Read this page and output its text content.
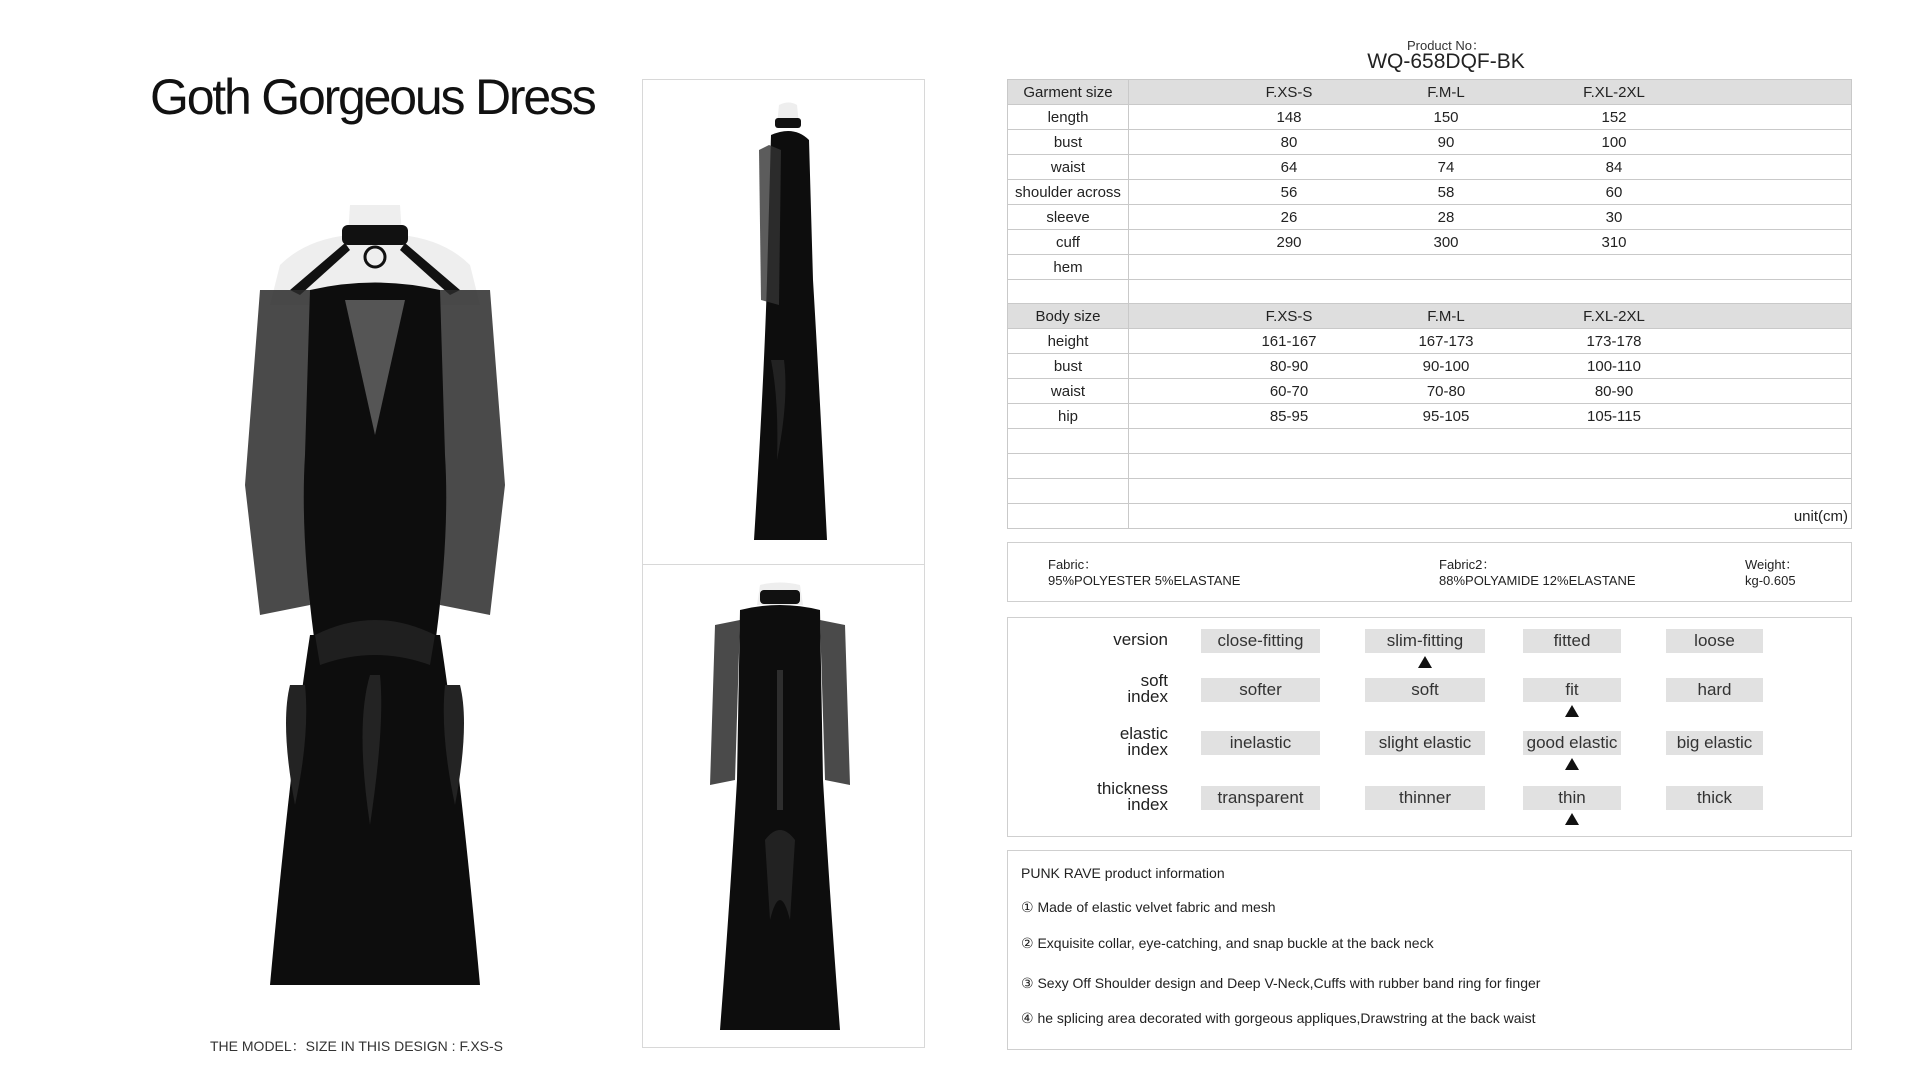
Goth Gorgeous Dress
THE MODEL：SIZE IN THIS DESIGN : F.XS-S
Product No：
WQ-658DQF-BK
Garment size	F.XS-S F.M-L F.XL-2XL

length	148 150 152

bust	80 90 100

waist	64 74 84

shoulder across	56 58 60

sleeve	26 28 30

cuff	290 300 310

hem	

Body size	F.XS-S F.M-L F.XL-2XL

height	161-167 167-173 173-178

bust	80-90 90-100 100-110

waist	60-70 70-80 80-90

hip	85-95 95-105 105-115

	unit(cm)
Fabric：
95%POLYESTER 5%ELASTANE
Fabric2：
88%POLYAMIDE 12%ELASTANE
Weight：
kg-0.605
version	close-fitting	slim-fitting	fitted	loose
soft
index	softer	soft	fit	hard
elastic
index	inelastic	slight elastic	good elastic	big elastic
thickness
index	transparent	thinner	thin	thick
PUNK RAVE product information
① Made of elastic velvet fabric and mesh
② Exquisite collar, eye-catching, and snap buckle at the back neck
③ Sexy Off Shoulder design and Deep V-Neck,Cuffs with rubber band ring for finger
④ he splicing area decorated with gorgeous appliques,Drawstring at the back waist
